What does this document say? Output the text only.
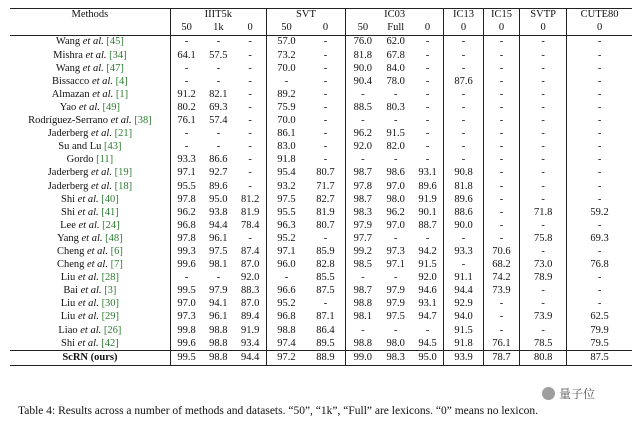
Methods	IIIT5k			SVT		IC03			IC13	IC15	SVTP	CUTE80
	50	1k	0	50	0	50	Full	0	0	0	0	0
Wang et al. [45]	-	-	-	57.0	-	76.0	62.0	-	-	-	-	-
Mishra et al. [34]	64.1	57.5	-	73.2	-	81.8	67.8	-	-	-	-	-
Wang et al. [47]	-	-	-	70.0	-	90.0	84.0	-	-	-	-	-
Bissacco et al. [4]	-	-	-	-	-	90.4	78.0	-	87.6	-	-	-
Almazan et al. [1]	91.2	82.1	-	89.2	-	-	-	-	-	-	-	-
Yao et al. [49]	80.2	69.3	-	75.9	-	88.5	80.3	-	-	-	-	-
Rodríguez-Serrano et al. [38]	76.1	57.4	-	70.0	-	-	-	-	-	-	-	-
Jaderberg et al. [21]	-	-	-	86.1	-	96.2	91.5	-	-	-	-	-
Su and Lu [43]	-	-	-	83.0	-	92.0	82.0	-	-	-	-	-
Gordo [11]	93.3	86.6	-	91.8	-	-	-	-	-	-	-	-
Jaderberg et al. [19]	97.1	92.7	-	95.4	80.7	98.7	98.6	93.1	90.8	-	-	-
Jaderberg et al. [18]	95.5	89.6	-	93.2	71.7	97.8	97.0	89.6	81.8	-	-	-
Shi et al. [40]	97.8	95.0	81.2	97.5	82.7	98.7	98.0	91.9	89.6	-	-	-
Shi et al. [41]	96.2	93.8	81.9	95.5	81.9	98.3	96.2	90.1	88.6	-	71.8	59.2
Lee et al. [24]	96.8	94.4	78.4	96.3	80.7	97.9	97.0	88.7	90.0	-	-	-
Yang et al. [48]	97.8	96.1	-	95.2	-	97.7	-	-	-	-	75.8	69.3
Cheng et al. [6]	99.3	97.5	87.4	97.1	85.9	99.2	97.3	94.2	93.3	70.6	-	-
Cheng et al. [7]	99.6	98.1	87.0	96.0	82.8	98.5	97.1	91.5	-	68.2	73.0	76.8
Liu et al. [28]	-	-	92.0	-	85.5	-	-	92.0	91.1	74.2	78.9	-
Bai et al. [3]	99.5	97.9	88.3	96.6	87.5	98.7	97.9	94.6	94.4	73.9	-	-
Liu et al. [30]	97.0	94.1	87.0	95.2	-	98.8	97.9	93.1	92.9	-	-	-
Liu et al. [29]	97.3	96.1	89.4	96.8	87.1	98.1	97.5	94.7	94.0	-	73.9	62.5
Liao et al. [26]	99.8	98.8	91.9	98.8	86.4	-	-	-	91.5	-	-	79.9
Shi et al. [42]	99.6	98.8	93.4	97.4	89.5	98.8	98.0	94.5	91.8	76.1	78.5	79.5
ScRN (ours)	99.5	98.8	94.4	97.2	88.9	99.0	98.3	95.0	93.9	78.7	80.8	87.5
Table 4: Results across a number of methods and datasets. “50”, “1k”, “Full” are lexicons. “0” means no lexicon.
量子位
